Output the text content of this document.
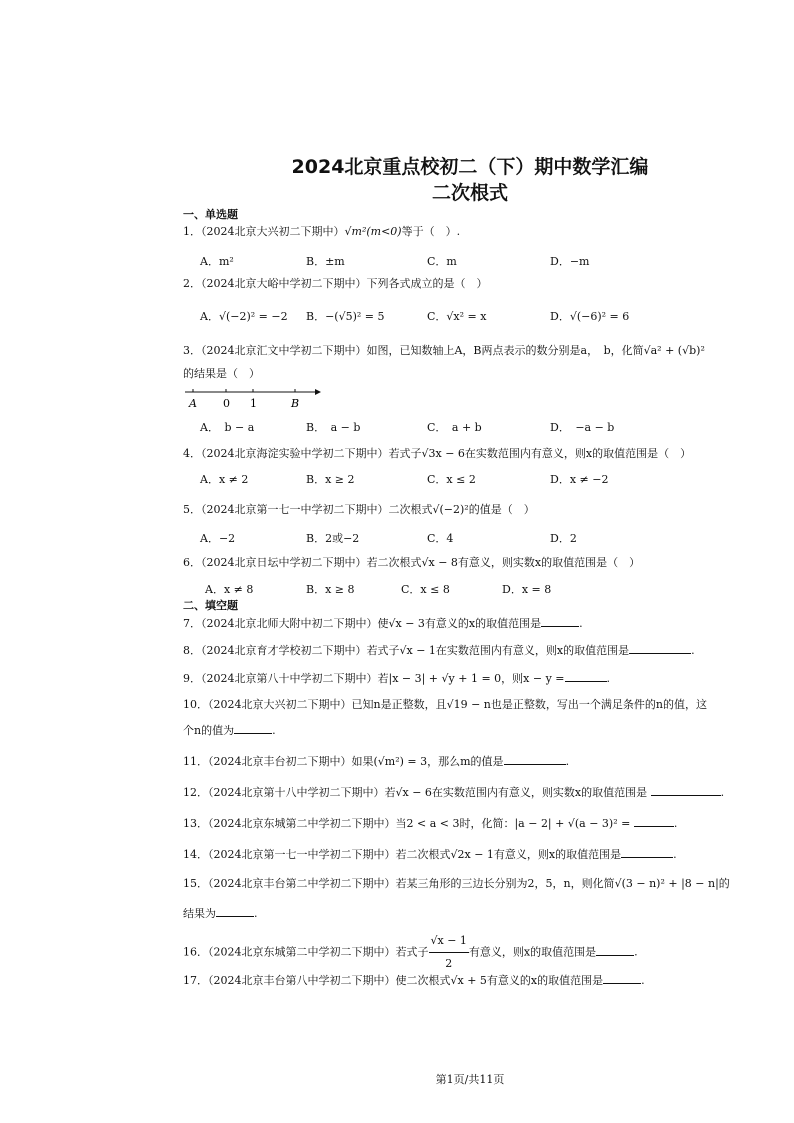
2024北京重点校初二（下）期中数学汇编
二次根式
一、单选题
1．（2024北京大兴初二下期中）√m²(m<0)等于（　）.
A．m²	B．±m	C．m	D．−m
2．（2024北京大峪中学初二下期中）下列各式成立的是（　）
A．√(−2)² = −2 B．−(√5)² = 5	C．√x² = x	D．√(−6)² = 6
3．（2024北京汇文中学初二下期中）如图，已知数轴上A，B两点表示的数分别是a，　b，化简√a² + (√b)²
的结果是（　）
A 0 1	B
A．　b − a	B．　a − b	C．　a + b	D．　−a − b
4．（2024北京海淀实验中学初二下期中）若式子√3x − 6在实数范围内有意义，则x的取值范围是（　）
A．x ≠ 2	B．x ≥ 2	C．x ≤ 2	D．x ≠ −2
5．（2024北京第一七一中学初二下期中）二次根式√(−2)²的值是（　）
A．−2	B．2或−2	C．4	D．2
6．（2024北京日坛中学初二下期中）若二次根式√x − 8有意义，则实数x的取值范围是（　）
A．x ≠ 8	B．x ≥ 8	C．x ≤ 8	D．x = 8
二、填空题
7．（2024北京北师大附中初二下期中）使√x − 3有意义的x的取值范围是	.
8．（2024北京育才学校初二下期中）若式子√x − 1在实数范围内有意义，则x的取值范围是	.
9．（2024北京第八十中学初二下期中）若|x − 3| + √y + 1 = 0，则x − y =	.
10．（2024北京大兴初二下期中）已知n是正整数，且√19 − n也是正整数，写出一个满足条件的n的值，这
个n的值为	.
11．（2024北京丰台初二下期中）如果(√m²) = 3，那么m的值是	.
12．（2024北京第十八中学初二下期中）若√x − 6在实数范围内有意义，则实数x的取值范围是	.
13．（2024北京东城第二中学初二下期中）当2 < a < 3时，化简：|a − 2| + √(a − 3)² =	.
14．（2024北京第一七一中学初二下期中）若二次根式√2x − 1有意义，则x的取值范围是	.
15．（2024北京丰台第二中学初二下期中）若某三角形的三边长分别为2，5，n，则化简√(3 − n)² + |8 − n|的
结果为	.
16．（2024北京东城第二中学初二下期中）若式子 $\frac{√x - 1}{2}$ 有意义，则x的取值范围是	.
17．（2024北京丰台第八中学初二下期中）使二次根式√x + 5有意义的x的取值范围是	.
第1页/共11页
